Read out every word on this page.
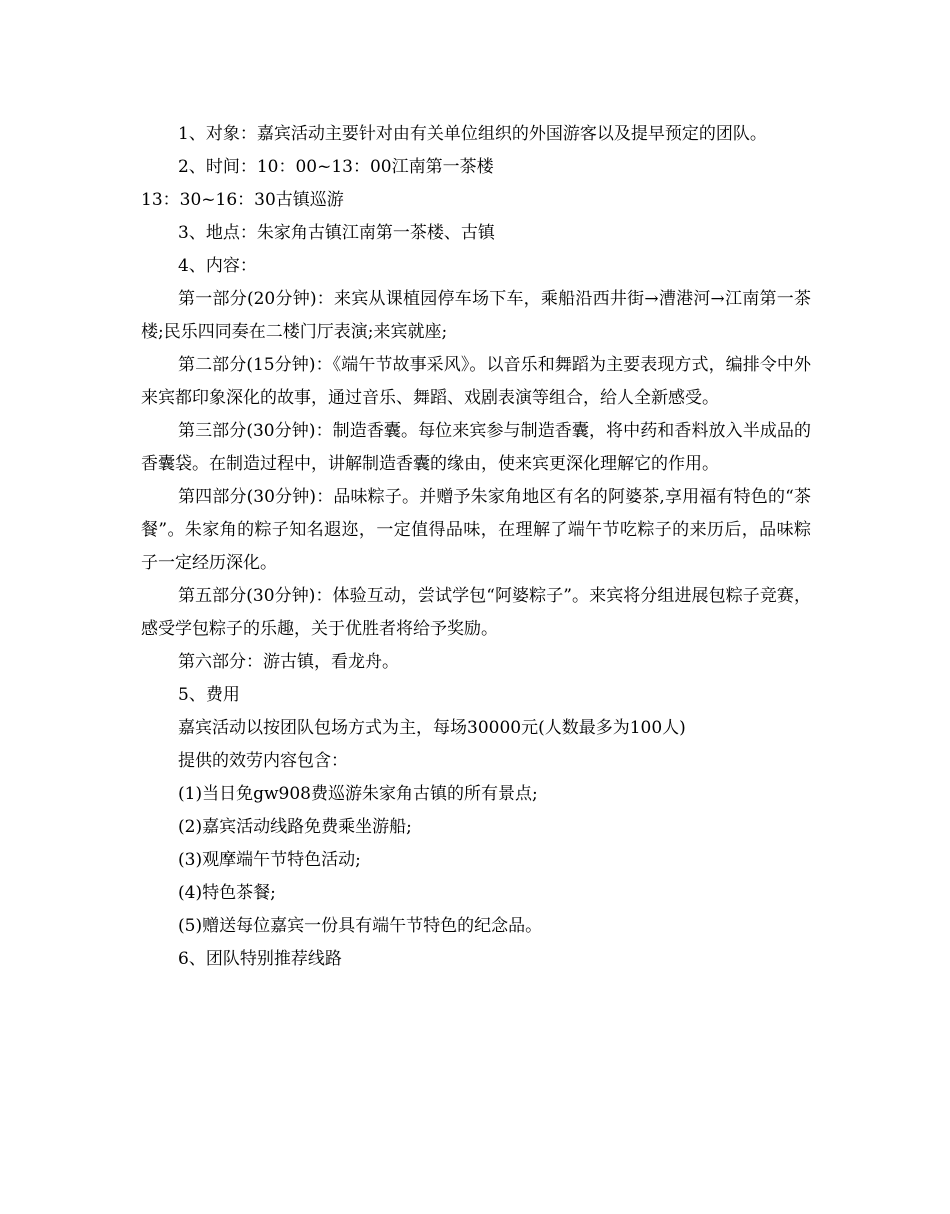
1、对象：嘉宾活动主要针对由有关单位组织的外国游客以及提早预定的团队。

2、时间：10：00~13：00江南第一茶楼

13：30~16：30古镇巡游

3、地点：朱家角古镇江南第一茶楼、古镇

4、内容：

第一部分(20分钟)：来宾从课植园停车场下车，乘船沿西井街→漕港河→江南第一茶楼;民乐四同奏在二楼门厅表演;来宾就座;

第二部分(15分钟)：《端午节故事采风》。以音乐和舞蹈为主要表现方式，编排令中外来宾都印象深化的故事，通过音乐、舞蹈、戏剧表演等组合，给人全新感受。

第三部分(30分钟)：制造香囊。每位来宾参与制造香囊，将中药和香料放入半成品的香囊袋。在制造过程中，讲解制造香囊的缘由，使来宾更深化理解它的作用。

第四部分(30分钟)：品味粽子。并赠予朱家角地区有名的阿婆茶,享用福有特色的“茶餐”。朱家角的粽子知名遐迩，一定值得品味，在理解了端午节吃粽子的来历后，品味粽子一定经历深化。

第五部分(30分钟)：体验互动，尝试学包“阿婆粽子”。来宾将分组进展包粽子竞赛，感受学包粽子的乐趣，关于优胜者将给予奖励。

第六部分：游古镇，看龙舟。

5、费用

嘉宾活动以按团队包场方式为主，每场30000元(人数最多为100人)

提供的效劳内容包含：

(1)当日免gw908费巡游朱家角古镇的所有景点;

(2)嘉宾活动线路免费乘坐游船;

(3)观摩端午节特色活动;

(4)特色茶餐;

(5)赠送每位嘉宾一份具有端午节特色的纪念品。

6、团队特别推荐线路
